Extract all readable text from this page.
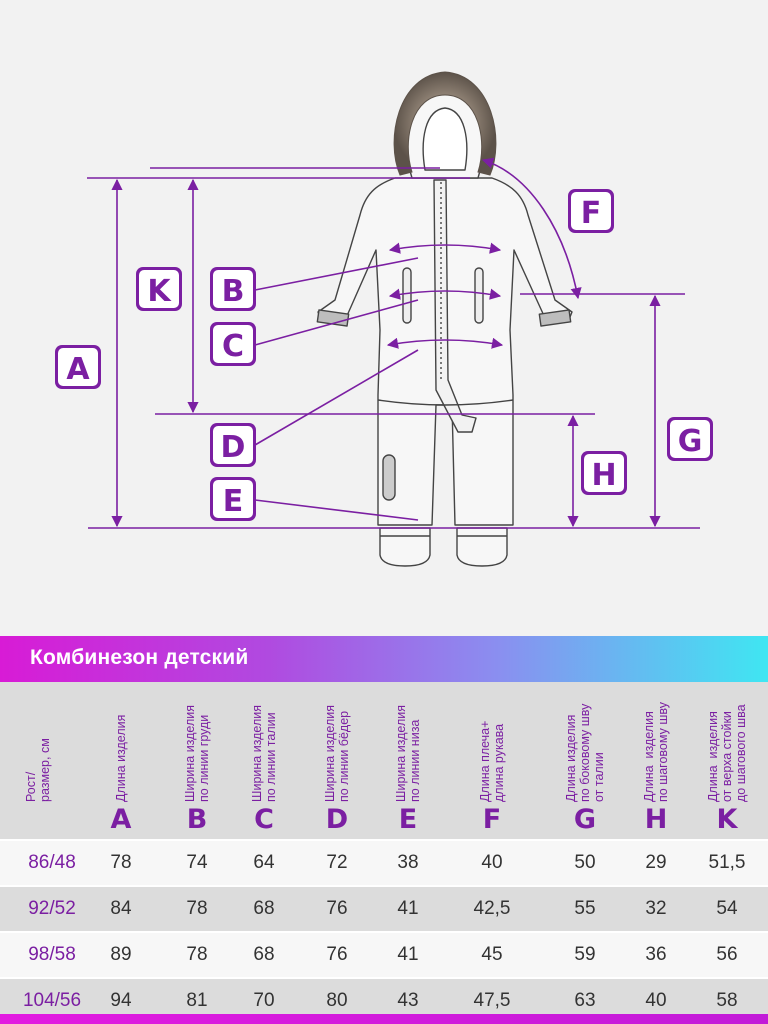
A
K B
C
D
E
F
G
H
Комбинезон детский
Рост/
размер, см	Длина изделия
A
Ширина изделия
по линии груди
B
Ширина изделия
по линии талии
C
Ширина изделия
по линии бёдер
D
Ширина изделия
по линии низа
E
Длина плеча+
длина рукава
F
Длина изделия
по боковому шву
от талии
G
Длина  изделия
по шаговому шву
H
Длина  изделия
от верха стойки
до шагового шва
K
86/48	78	74	64	72	38	40	50	29	51,5
92/52	84	78	68	76	41	42,5	55	32	54
98/58	89	78	68	76	41	45	59	36	56
104/56	94	81	70	80	43	47,5	63	40	58
